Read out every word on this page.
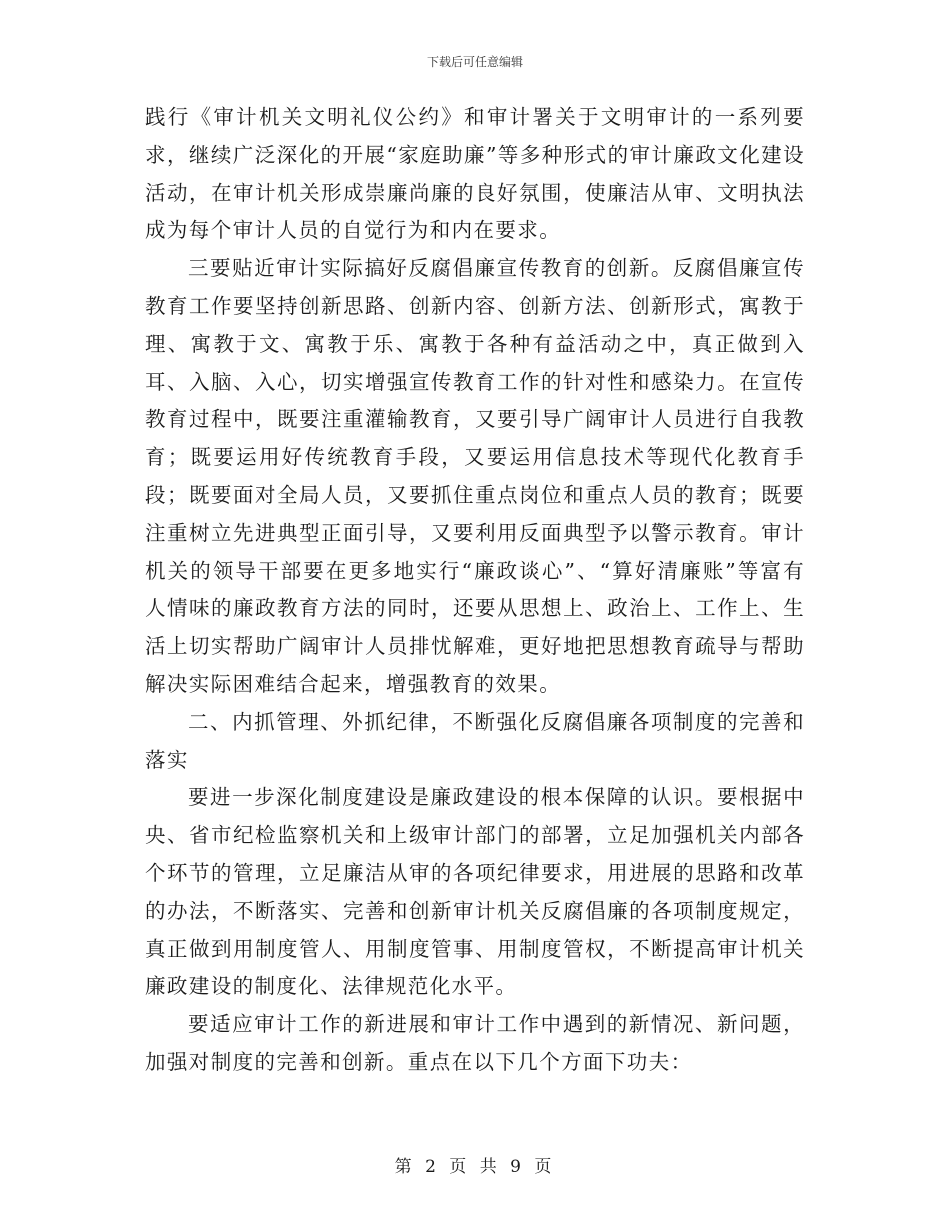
下载后可任意编辑

践行《审计机关文明礼仪公约》和审计署关于文明审计的一系列要求，继续广泛深化的开展“家庭助廉”等多种形式的审计廉政文化建设活动，在审计机关形成崇廉尚廉的良好氛围，使廉洁从审、文明执法成为每个审计人员的自觉行为和内在要求。

三要贴近审计实际搞好反腐倡廉宣传教育的创新。反腐倡廉宣传教育工作要坚持创新思路、创新内容、创新方法、创新形式，寓教于理、寓教于文、寓教于乐、寓教于各种有益活动之中，真正做到入耳、入脑、入心，切实增强宣传教育工作的针对性和感染力。在宣传教育过程中，既要注重灌输教育，又要引导广阔审计人员进行自我教育；既要运用好传统教育手段，又要运用信息技术等现代化教育手段；既要面对全局人员，又要抓住重点岗位和重点人员的教育；既要注重树立先进典型正面引导，又要利用反面典型予以警示教育。审计机关的领导干部要在更多地实行“廉政谈心”、“算好清廉账”等富有人情味的廉政教育方法的同时，还要从思想上、政治上、工作上、生活上切实帮助广阔审计人员排忧解难，更好地把思想教育疏导与帮助解决实际困难结合起来，增强教育的效果。

二、内抓管理、外抓纪律，不断强化反腐倡廉各项制度的完善和落实

要进一步深化制度建设是廉政建设的根本保障的认识。要根据中央、省市纪检监察机关和上级审计部门的部署，立足加强机关内部各个环节的管理，立足廉洁从审的各项纪律要求，用进展的思路和改革的办法，不断落实、完善和创新审计机关反腐倡廉的各项制度规定，真正做到用制度管人、用制度管事、用制度管权，不断提高审计机关廉政建设的制度化、法律规范化水平。

要适应审计工作的新进展和审计工作中遇到的新情况、新问题，加强对制度的完善和创新。重点在以下几个方面下功夫：

第 2 页 共 9 页
